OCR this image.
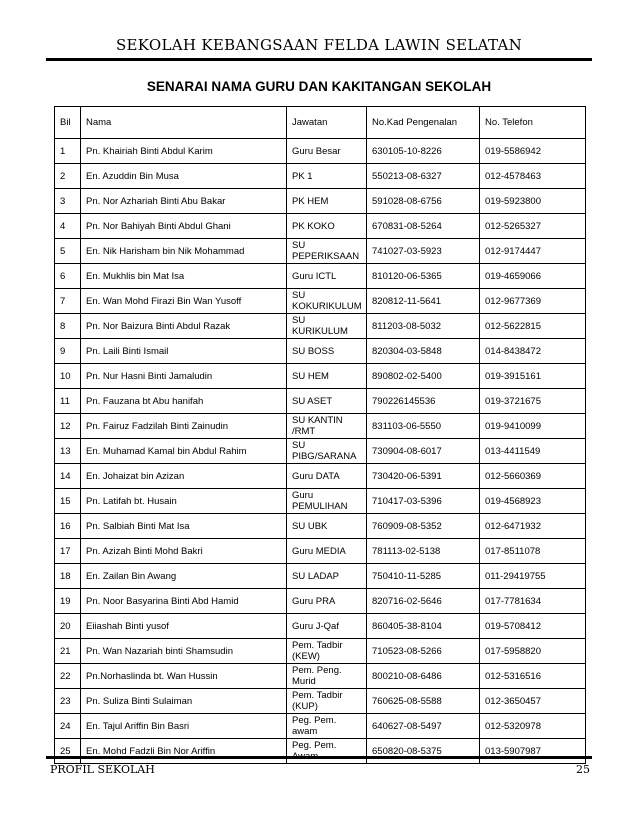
SEKOLAH KEBANGSAAN FELDA LAWIN SELATAN
SENARAI NAMA GURU DAN KAKITANGAN SEKOLAH
Bil	Nama	Jawatan	No.Kad Pengenalan	No. Telefon
1	Pn. Khairiah Binti Abdul Karim	Guru Besar	630105-10-8226	019-5586942
2	En. Azuddin Bin Musa	PK 1	550213-08-6327	012-4578463
3	Pn. Nor Azhariah Binti Abu Bakar	PK HEM	591028-08-6756	019-5923800
4	Pn. Nor Bahiyah Binti Abdul Ghani	PK KOKO	670831-08-5264	012-5265327
5	En. Nik Harisham bin Nik Mohammad	SU PEPERIKSAAN	741027-03-5923	012-9174447
6	En. Mukhlis bin Mat Isa	Guru ICTL	810120-06-5365	019-4659066
7	En. Wan Mohd Firazi Bin Wan Yusoff	SU KOKURIKULUM	820812-11-5641	012-9677369
8	Pn. Nor Baizura Binti Abdul Razak	SU KURIKULUM	811203-08-5032	012-5622815
9	Pn. Laili Binti Ismail	SU BOSS	820304-03-5848	014-8438472
10	Pn. Nur Hasni Binti Jamaludin	SU HEM	890802-02-5400	019-3915161
11	Pn. Fauzana bt Abu hanifah	SU ASET	790226145536	019-3721675
12	Pn. Fairuz Fadzilah Binti Zainudin	SU KANTIN /RMT	831103-06-5550	019-9410099
13	En. Muhamad Kamal bin Abdul Rahim	SU PIBG/SARANA	730904-08-6017	013-4411549
14	En. Johaizat bin Azizan	Guru DATA	730420-06-5391	012-5660369
15	Pn. Latifah bt. Husain	Guru PEMULIHAN	710417-03-5396	019-4568923
16	Pn. Salbiah Binti Mat Isa	SU UBK	760909-08-5352	012-6471932
17	Pn. Azizah Binti Mohd Bakri	Guru MEDIA	781113-02-5138	017-8511078
18	En. Zailan Bin Awang	SU LADAP	750410-11-5285	011-29419755
19	Pn. Noor Basyarina Binti Abd Hamid	Guru PRA	820716-02-5646	017-7781634
20	Eiiashah Binti yusof	Guru J-Qaf	860405-38-8104	019-5708412
21	Pn. Wan Nazariah binti Shamsudin	Pem. Tadbir (KEW)	710523-08-5266	017-5958820
22	Pn.Norhaslinda bt. Wan Hussin	Pem. Peng. Murid	800210-08-6486	012-5316516
23	Pn. Suliza Binti Sulaiman	Pem. Tadbir (KUP)	760625-08-5588	012-3650457
24	En. Tajul Ariffin Bin Basri	Peg. Pem. awam	640627-08-5497	012-5320978
25	En. Mohd Fadzli Bin Nor Ariffin	Peg. Pem. Awam	650820-08-5375	013-5907987
PROFIL SEKOLAH	25
